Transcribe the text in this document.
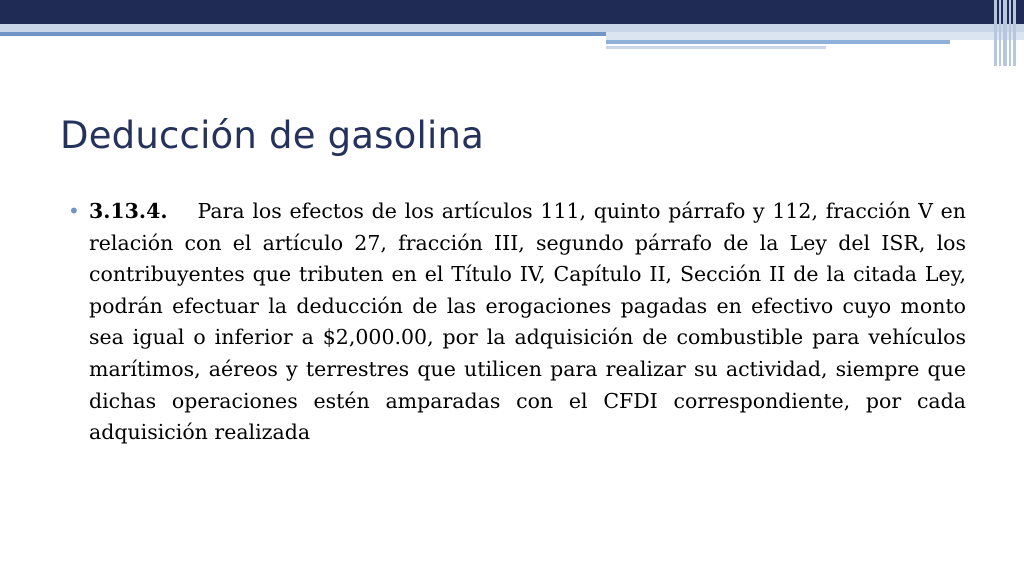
Deducción de gasolina
• 3.13.4. Para los efectos de los artículos 111, quinto párrafo y 112, fracción V en relación con el artículo 27, fracción III, segundo párrafo de la Ley del ISR, los contribuyentes que tributen en el Título IV, Capítulo II, Sección II de la citada Ley, podrán efectuar la deducción de las erogaciones pagadas en efectivo cuyo monto sea igual o inferior a $2,000.00, por la adquisición de combustible para vehículos marítimos, aéreos y terrestres que utilicen para realizar su actividad, siempre que dichas operaciones estén amparadas con el CFDI correspondiente, por cada adquisición realizada
